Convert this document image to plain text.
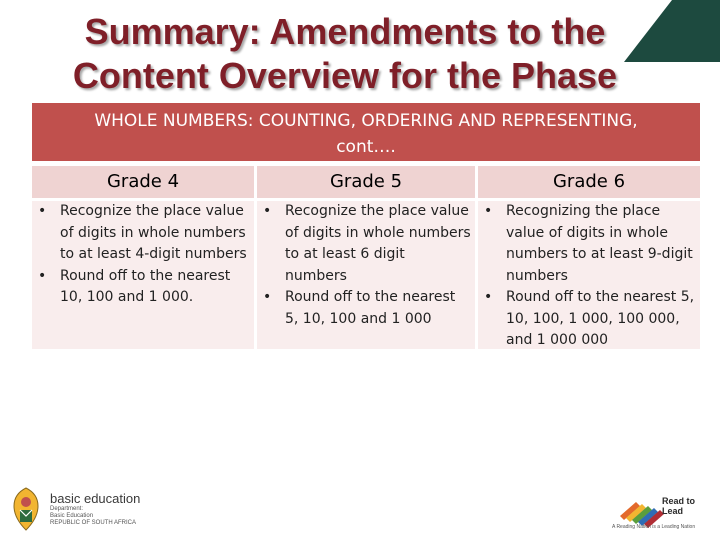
Summary: Amendments to the
Content Overview for the Phase
WHOLE NUMBERS: COUNTING, ORDERING AND REPRESENTING,
cont….
Grade 4
• Recognize the place value of digits in whole numbers to at least 4-digit numbers
• Round off to the nearest 10, 100 and 1 000.
Grade 5
• Recognize the place value of digits in whole numbers to at least 6 digit numbers
• Round off to the nearest 5, 10, 100 and 1 000
Grade 6
• Recognizing the place value of digits in whole numbers to at least 9-digit numbers
• Round off to the nearest 5, 10, 100, 1 000, 100 000, and 1 000 000
basic education
Department:
Basic Education
REPUBLIC OF SOUTH AFRICA
Read to Lead
A Reading Nation is a Leading Nation
